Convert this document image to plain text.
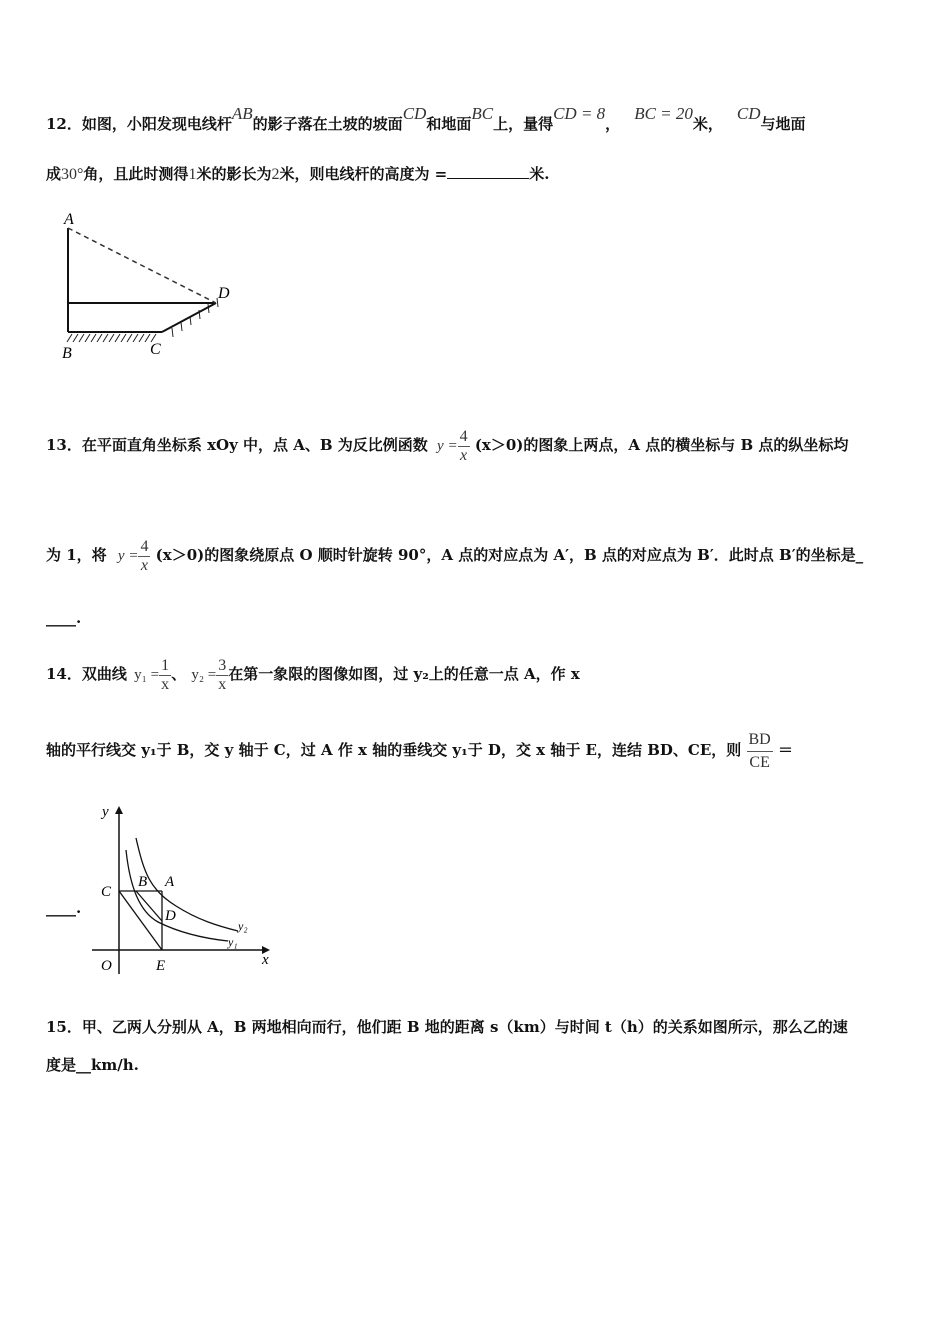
12．如图，小阳发现电线杆AB的影子落在土坡的坡面CD和地面BC上，量得CD = 8，BC = 20米，CD与地面
成30°角，且此时测得1米的影长为2米，则电线杆的高度为 =	米.
A
B	C
D
13．在平面直角坐标系 xOy 中，点 A、B 为反比例函数 $y = \frac{4}{x} (x>0)$的图象上两点，A 点的横坐标与 B 点的纵坐标均
为 1，将 $y = \frac{4}{x} (x>0)$的图象绕原点 O 顺时针旋转 90°，A 点的对应点为 A′，B 点的对应点为 B′．此时点 B′的坐标是_
____.
14．双曲线 $y_1 = \frac{1}{x}$ 、 $y_2 = \frac{3}{x}$ 在第一象限的图像如图，过 y₂上的任意一点 A，作 x
轴的平行线交 y₁于 B，交 y 轴于 C，过 A 作 x 轴的垂线交 y₁于 D，交 x 轴于 E，连结 BD、CE，则 $\frac{BD}{CE}$ ＝
____.
y
x
O
C
B A
D
E
y₂
y₁
15．甲、乙两人分别从 A，B 两地相向而行，他们距 B 地的距离 s（km）与时间 t（h）的关系如图所示，那么乙的速
度是__km/h.
